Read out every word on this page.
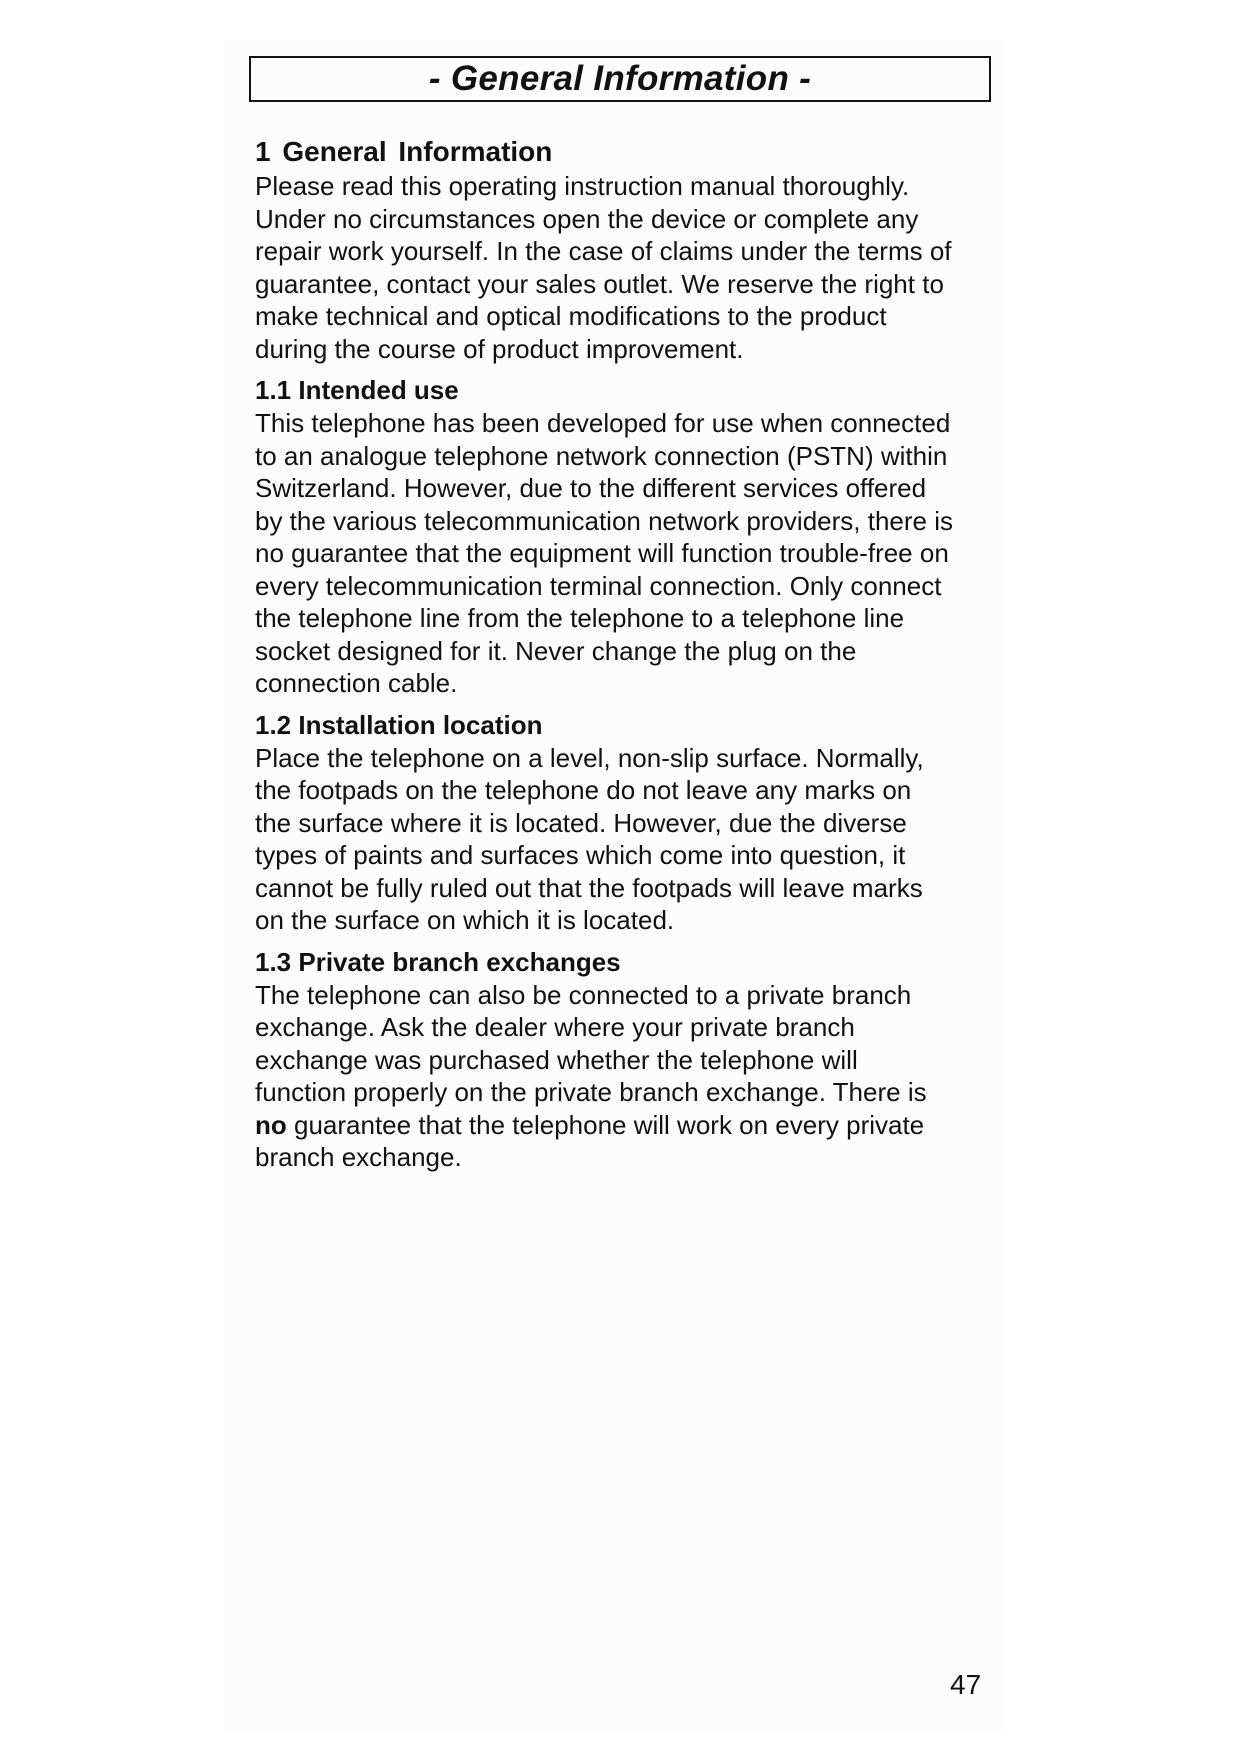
- General Information -
1 General Information

Please read this operating instruction manual thoroughly.
Under no circumstances open the device or complete any
repair work yourself. In the case of claims under the terms of
guarantee, contact your sales outlet. We reserve the right to
make technical and optical modifications to the product
during the course of product improvement.

1.1 Intended use

This telephone has been developed for use when connected
to an analogue telephone network connection (PSTN) within
Switzerland. However, due to the different services offered
by the various telecommunication network providers, there is
no guarantee that the equipment will function trouble-free on
every telecommunication terminal connection. Only connect
the telephone line from the telephone to a telephone line
socket designed for it. Never change the plug on the
connection cable.

1.2 Installation location

Place the telephone on a level, non-slip surface. Normally,
the footpads on the telephone do not leave any marks on
the surface where it is located. However, due the diverse
types of paints and surfaces which come into question, it
cannot be fully ruled out that the footpads will leave marks
on the surface on which it is located.

1.3 Private branch exchanges

The telephone can also be connected to a private branch
exchange. Ask the dealer where your private branch
exchange was purchased whether the telephone will
function properly on the private branch exchange. There is
no guarantee that the telephone will work on every private
branch exchange.

47
